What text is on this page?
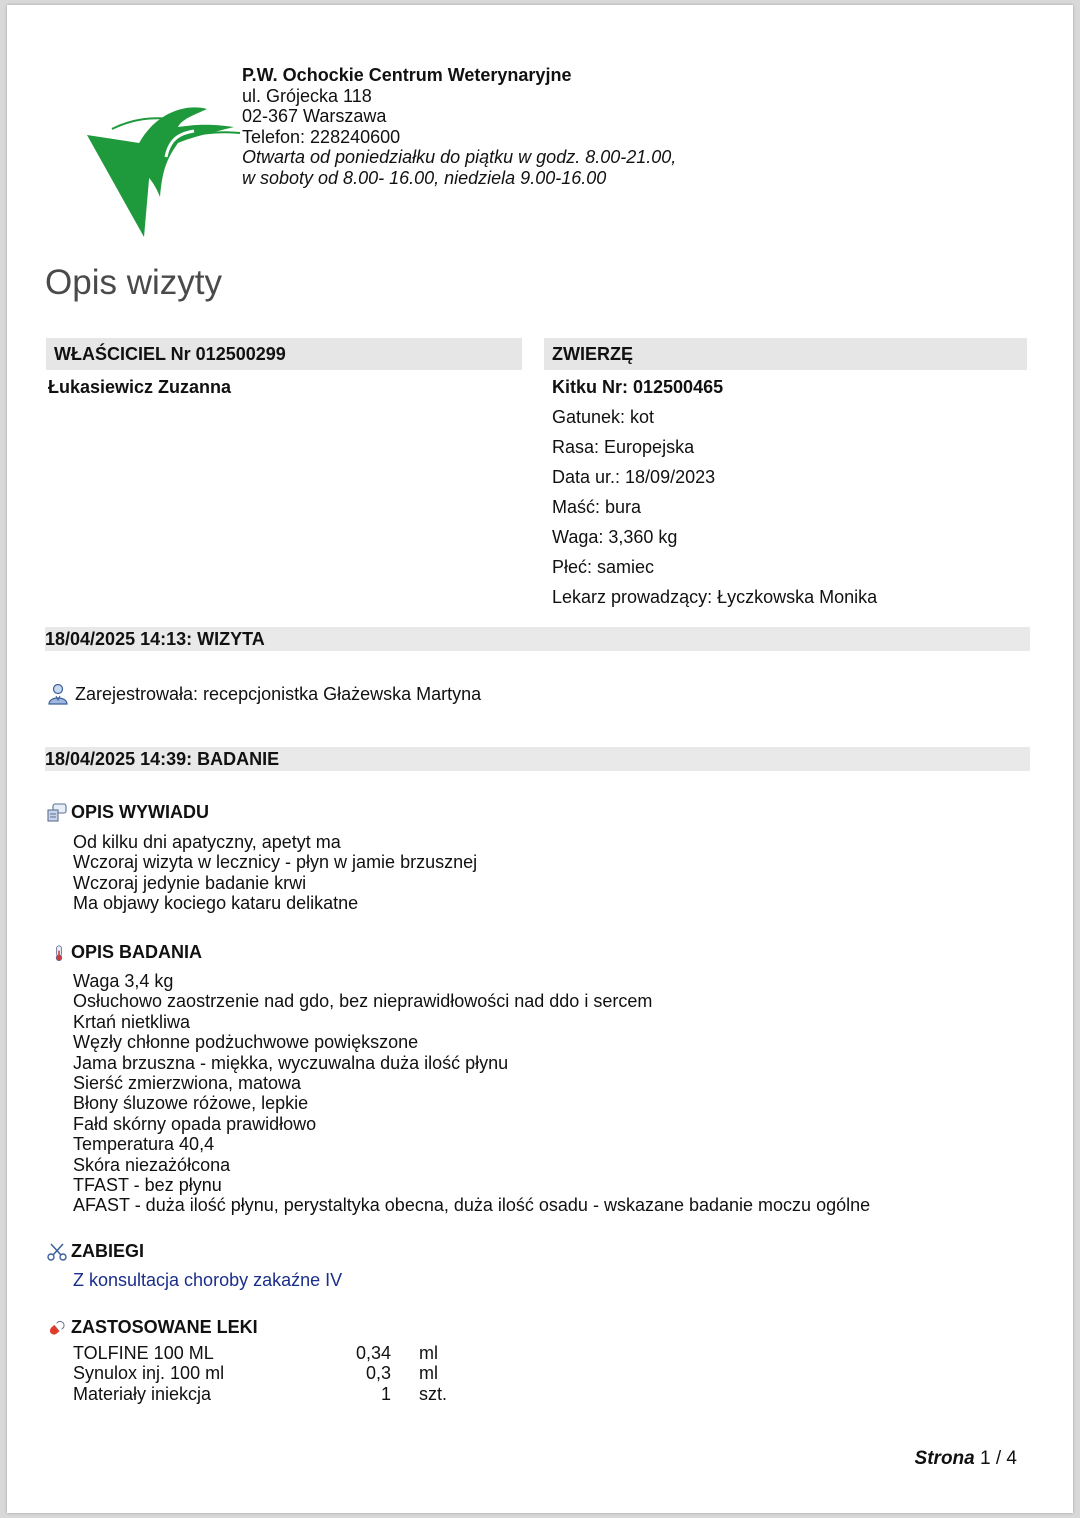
P.W. Ochockie Centrum Weterynaryjne
ul. Grójecka 118
02-367 Warszawa
Telefon: 228240600
Otwarta od poniedziałku do piątku w godz. 8.00-21.00,
w soboty od 8.00- 16.00, niedziela 9.00-16.00
Opis wizyty
WŁAŚCICIEL Nr 012500299	ZWIERZĘ
Łukasiewicz Zuzanna	Kitku Nr: 012500465
Gatunek: kot
Rasa: Europejska
Data ur.: 18/09/2023
Maść: bura
Waga: 3,360 kg
Płeć: samiec
Lekarz prowadzący: Łyczkowska Monika
18/04/2025 14:13: WIZYTA
Zarejestrowała: recepcjonistka Głażewska Martyna
18/04/2025 14:39: BADANIE
OPIS WYWIADU
Od kilku dni apatyczny, apetyt ma
Wczoraj wizyta w lecznicy - płyn w jamie brzusznej
Wczoraj jedynie badanie krwi
Ma objawy kociego kataru delikatne
OPIS BADANIA
Waga 3,4 kg
Osłuchowo zaostrzenie nad gdo, bez nieprawidłowości nad ddo i sercem
Krtań nietkliwa
Węzły chłonne podżuchwowe powiększone
Jama brzuszna - miękka, wyczuwalna duża ilość płynu
Sierść zmierzwiona, matowa
Błony śluzowe różowe, lepkie
Fałd skórny opada prawidłowo
Temperatura 40,4
Skóra niezażółcona
TFAST - bez płynu
AFAST - duża ilość płynu, perystaltyka obecna, duża ilość osadu - wskazane badanie moczu ogólne
ZABIEGI
Z konsultacja choroby zakaźne IV
ZASTOSOWANE LEKI
TOLFINE 100 ML	0,34	ml
Synulox inj. 100 ml	0,3	ml
Materiały iniekcja	1	szt.
Strona 1 / 4
